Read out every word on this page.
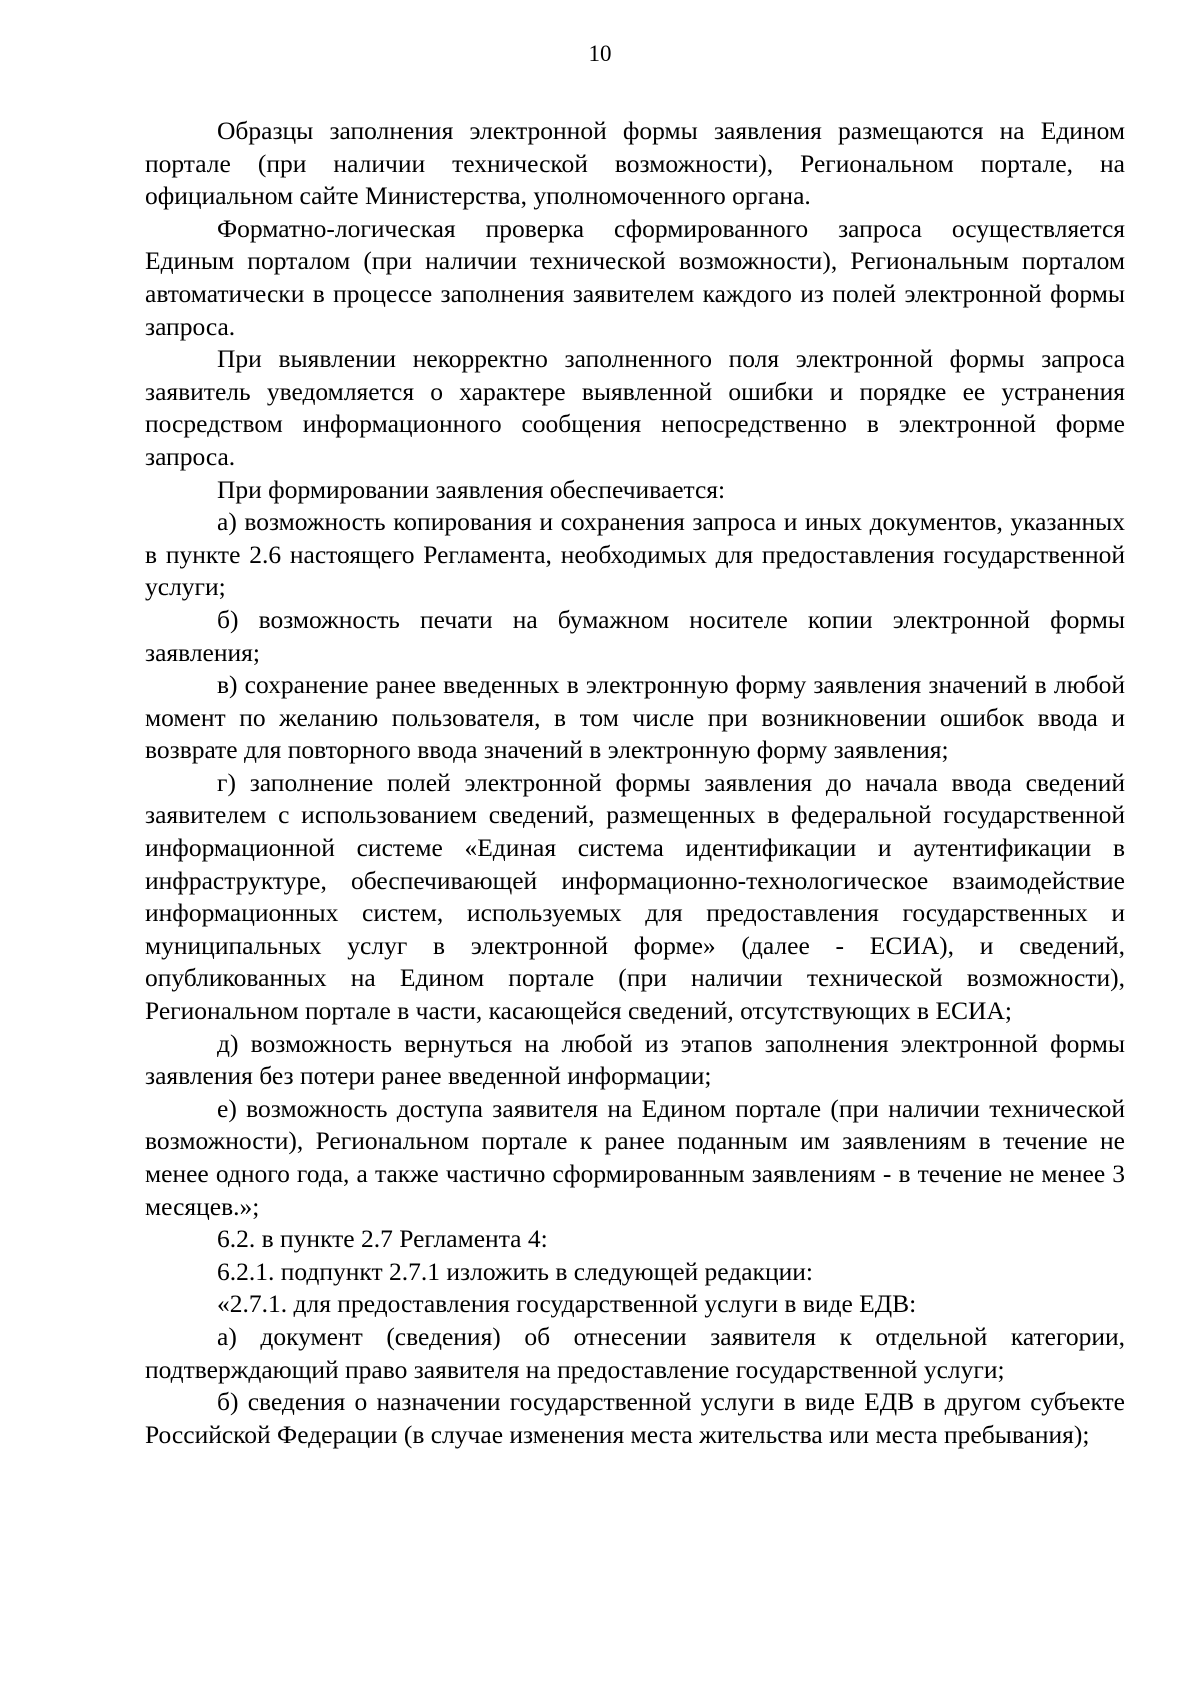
10

Образцы заполнения электронной формы заявления размещаются на Едином портале (при наличии технической возможности), Региональном портале, на официальном сайте Министерства, уполномоченного органа.

Форматно-логическая проверка сформированного запроса осуществляется Единым порталом (при наличии технической возможности), Региональным порталом автоматически в процессе заполнения заявителем каждого из полей электронной формы запроса.

При выявлении некорректно заполненного поля электронной формы запроса заявитель уведомляется о характере выявленной ошибки и порядке ее устранения посредством информационного сообщения непосредственно в электронной форме запроса.

При формировании заявления обеспечивается:

а) возможность копирования и сохранения запроса и иных документов, указанных в пункте 2.6 настоящего Регламента, необходимых для предоставления государственной услуги;

б) возможность печати на бумажном носителе копии электронной формы заявления;

в) сохранение ранее введенных в электронную форму заявления значений в любой момент по желанию пользователя, в том числе при возникновении ошибок ввода и возврате для повторного ввода значений в электронную форму заявления;

г) заполнение полей электронной формы заявления до начала ввода сведений заявителем с использованием сведений, размещенных в федеральной государственной информационной системе «Единая система идентификации и аутентификации в инфраструктуре, обеспечивающей информационно-технологическое взаимодействие информационных систем, используемых для предоставления государственных и муниципальных услуг в электронной форме» (далее - ЕСИА), и сведений, опубликованных на Едином портале (при наличии технической возможности), Региональном портале в части, касающейся сведений, отсутствующих в ЕСИА;

д) возможность вернуться на любой из этапов заполнения электронной формы заявления без потери ранее введенной информации;

е) возможность доступа заявителя на Едином портале (при наличии технической возможности), Региональном портале к ранее поданным им заявлениям в течение не менее одного года, а также частично сформированным заявлениям - в течение не менее 3 месяцев.»;

6.2. в пункте 2.7 Регламента 4:

6.2.1. подпункт 2.7.1 изложить в следующей редакции:

«2.7.1. для предоставления государственной услуги в виде ЕДВ:

а) документ (сведения) об отнесении заявителя к отдельной категории, подтверждающий право заявителя на предоставление государственной услуги;

б) сведения о назначении государственной услуги в виде ЕДВ в другом субъекте Российской Федерации (в случае изменения места жительства или места пребывания);
